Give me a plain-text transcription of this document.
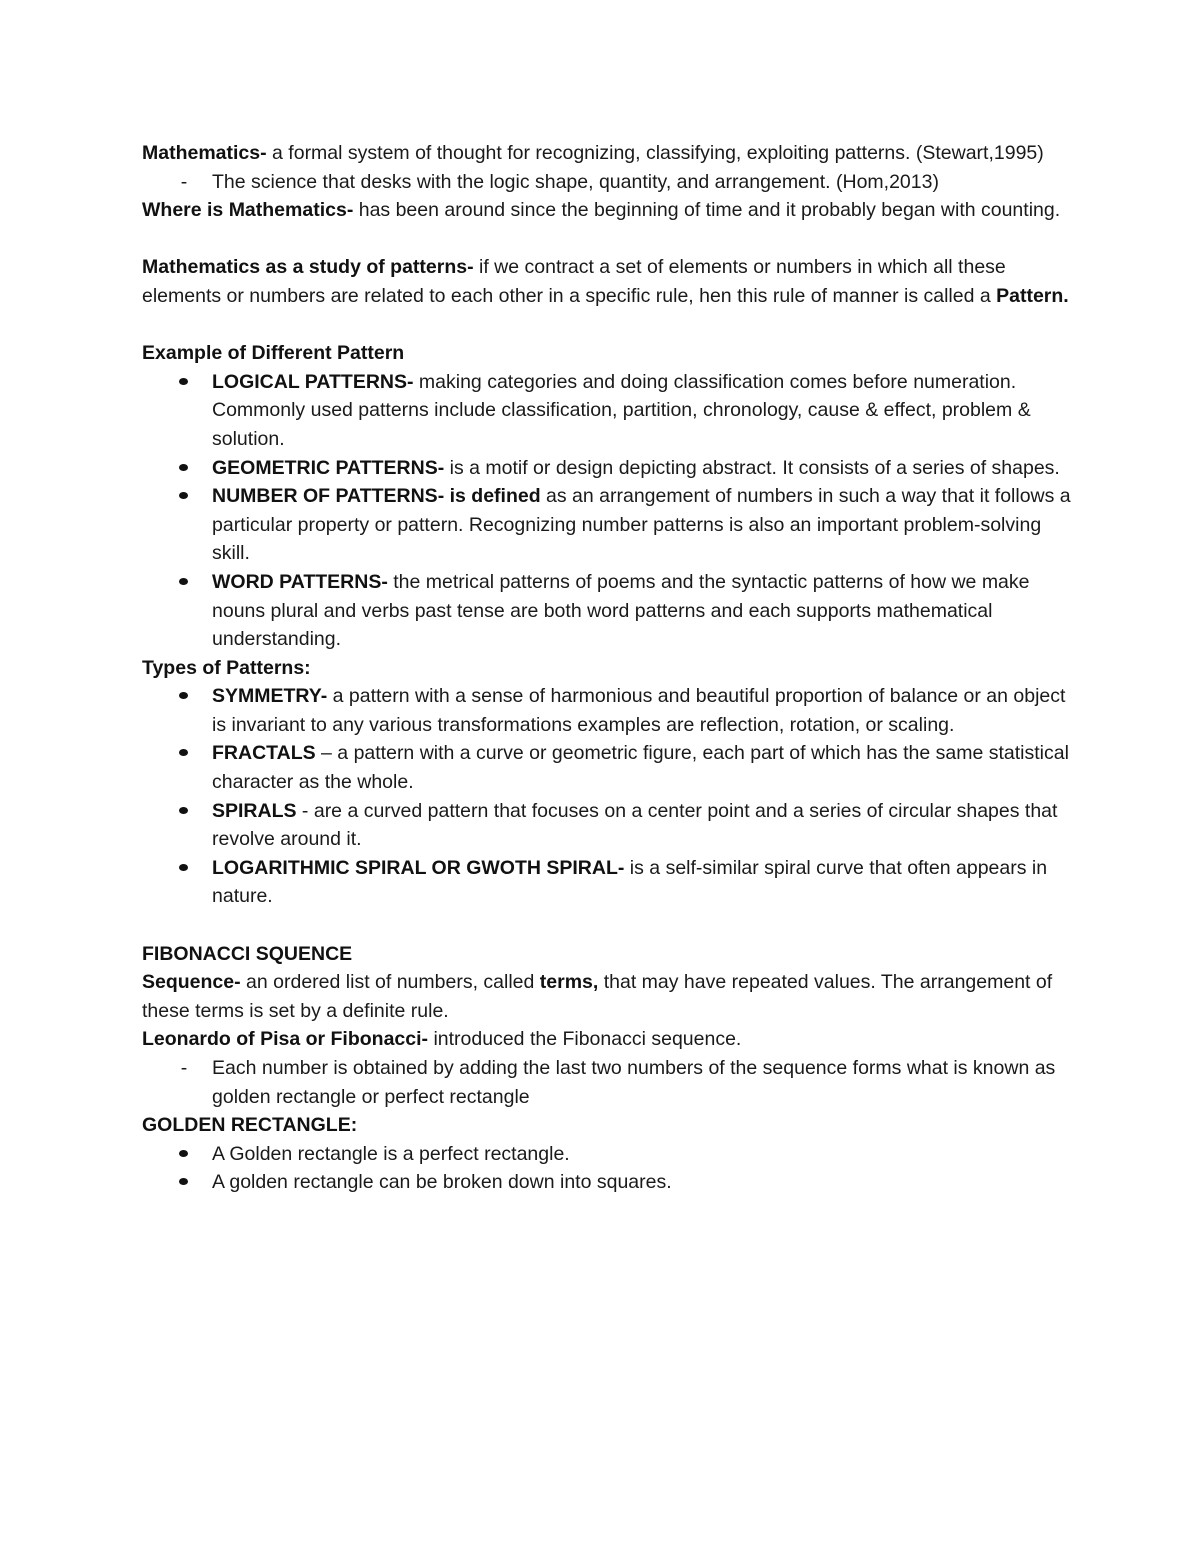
Mathematics- a formal system of thought for recognizing, classifying, exploiting patterns. (Stewart,1995)

-	The science that desks with the logic shape, quantity, and arrangement. (Hom,2013)

Where is Mathematics- has been around since the beginning of time and it probably began with counting.

Mathematics as a study of patterns- if we contract a set of elements or numbers in which all these elements or numbers are related to each other in a specific rule, hen this rule of manner is called a Pattern.

Example of Different Pattern

LOGICAL PATTERNS- making categories and doing classification comes before numeration. Commonly used patterns include classification, partition, chronology, cause & effect, problem & solution.
GEOMETRIC PATTERNS- is a motif or design depicting abstract. It consists of a series of shapes.
NUMBER OF PATTERNS- is defined as an arrangement of numbers in such a way that it follows a particular property or pattern. Recognizing number patterns is also an important problem-solving skill.
WORD PATTERNS- the metrical patterns of poems and the syntactic patterns of how we make nouns plural and verbs past tense are both word patterns and each supports mathematical understanding.

Types of Patterns:

SYMMETRY- a pattern with a sense of harmonious and beautiful proportion of balance or an object is invariant to any various transformations examples are reflection, rotation, or scaling.
FRACTALS – a pattern with a curve or geometric figure, each part of which has the same statistical character as the whole.
SPIRALS - are a curved pattern that focuses on a center point and a series of circular shapes that revolve around it.
LOGARITHMIC SPIRAL OR GWOTH SPIRAL- is a self-similar spiral curve that often appears in nature.

FIBONACCI SQUENCE

Sequence- an ordered list of numbers, called terms, that may have repeated values. The arrangement of these terms is set by a definite rule.

Leonardo of Pisa or Fibonacci- introduced the Fibonacci sequence.

-	Each number is obtained by adding the last two numbers of the sequence forms what is known as golden rectangle or perfect rectangle

GOLDEN RECTANGLE:

A Golden rectangle is a perfect rectangle.
A golden rectangle can be broken down into squares.
